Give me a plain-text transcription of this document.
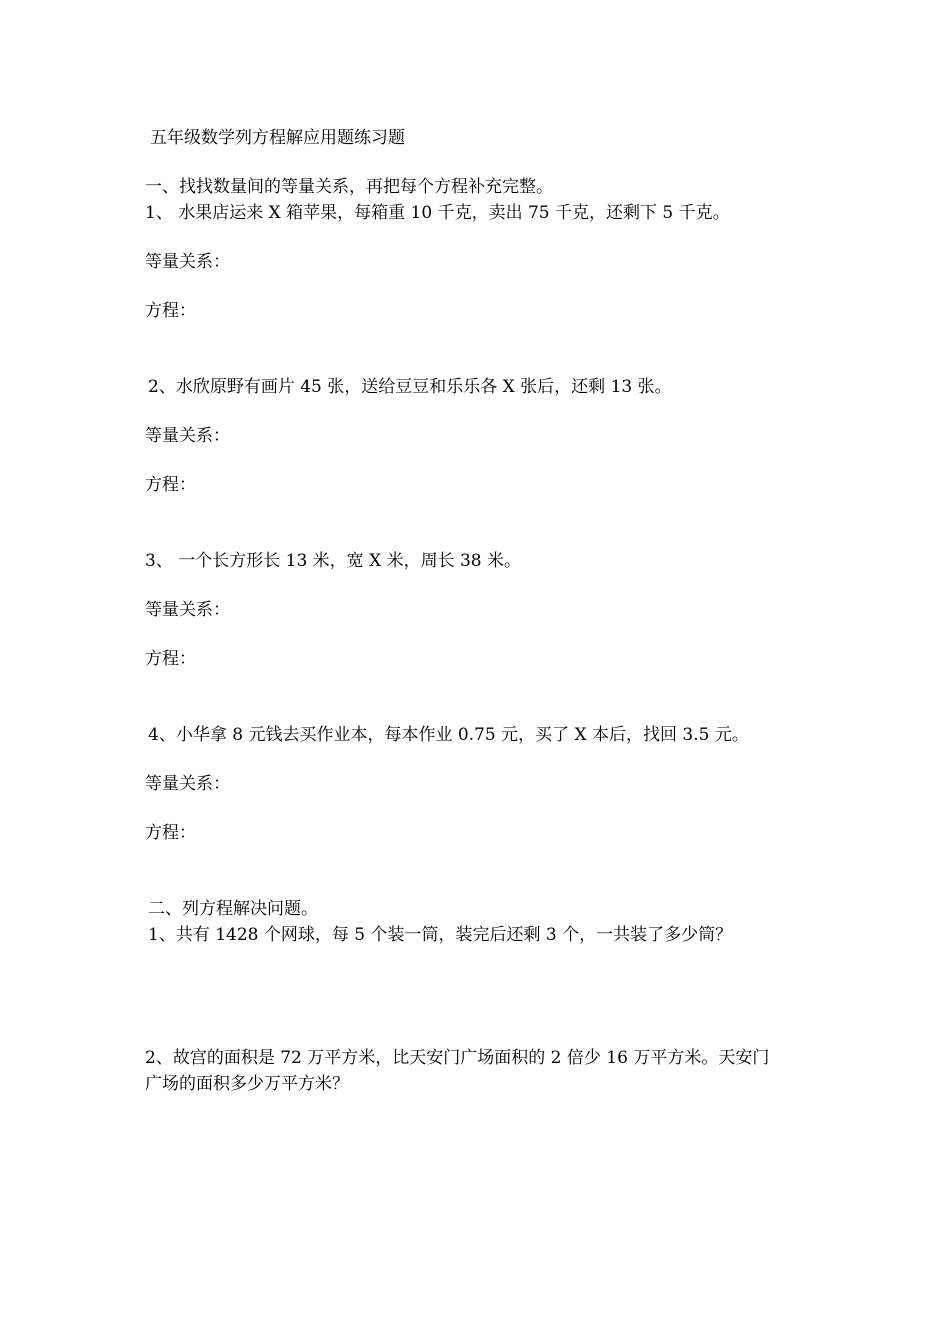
五年级数学列方程解应用题练习题
一、找找数量间的等量关系，再把每个方程补充完整。
1、 水果店运来 X 箱苹果，每箱重 10 千克，卖出 75 千克，还剩下 5 千克。
等量关系：
方程：
2、水欣原野有画片 45 张，送给豆豆和乐乐各 X 张后，还剩 13 张。
等量关系：
方程：
3、 一个长方形长 13 米，宽 X 米，周长 38 米。
等量关系：
方程：
4、小华拿 8 元钱去买作业本，每本作业 0.75 元，买了 X 本后，找回 3.5 元。
等量关系：
方程：
二、列方程解决问题。
1、共有 1428 个网球，每 5 个装一筒，装完后还剩 3 个，一共装了多少筒？
2、故宫的面积是 72 万平方米，比天安门广场面积的 2 倍少 16 万平方米。天安门
广场的面积多少万平方米？
